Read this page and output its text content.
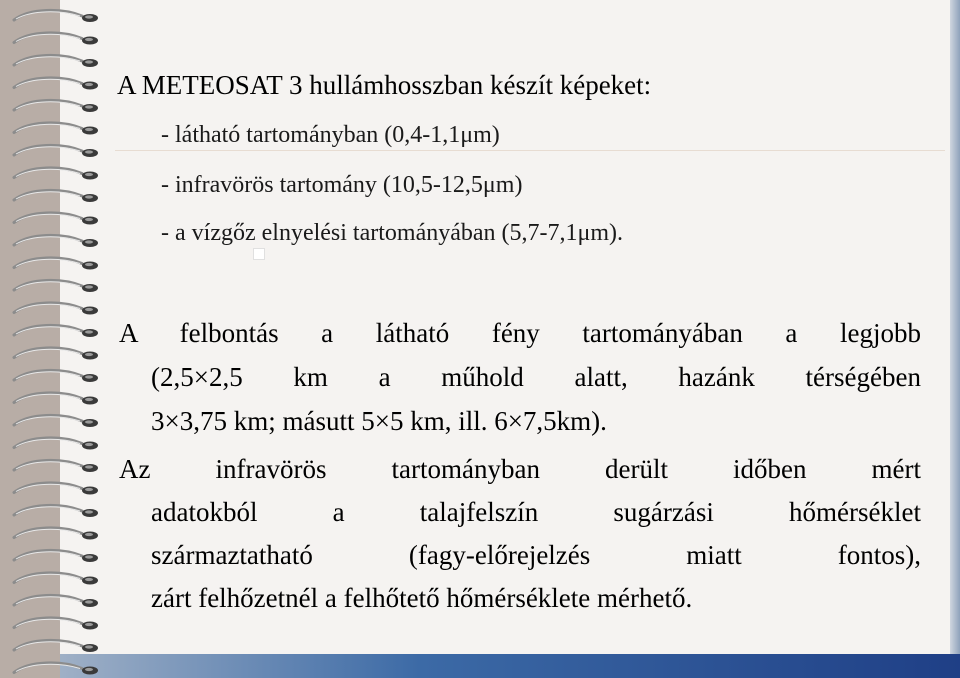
A METEOSAT 3 hullámhosszban készít képeket:
- látható tartományban (0,4-1,1μm)
- infravörös tartomány (10,5-12,5μm)
- a vízgőz elnyelési tartományában (5,7-7,1μm).
A felbontás a látható fény tartományában a legjobb
(2,5×2,5 km a műhold alatt, hazánk térségében
3×3,75 km; másutt 5×5 km, ill. 6×7,5km).
Az infravörös tartományban derült időben mért
adatokból a talajfelszín sugárzási hőmérséklet
származtatható (fagy-előrejelzés miatt fontos),
zárt felhőzetnél a felhőtető hőmérséklete mérhető.
